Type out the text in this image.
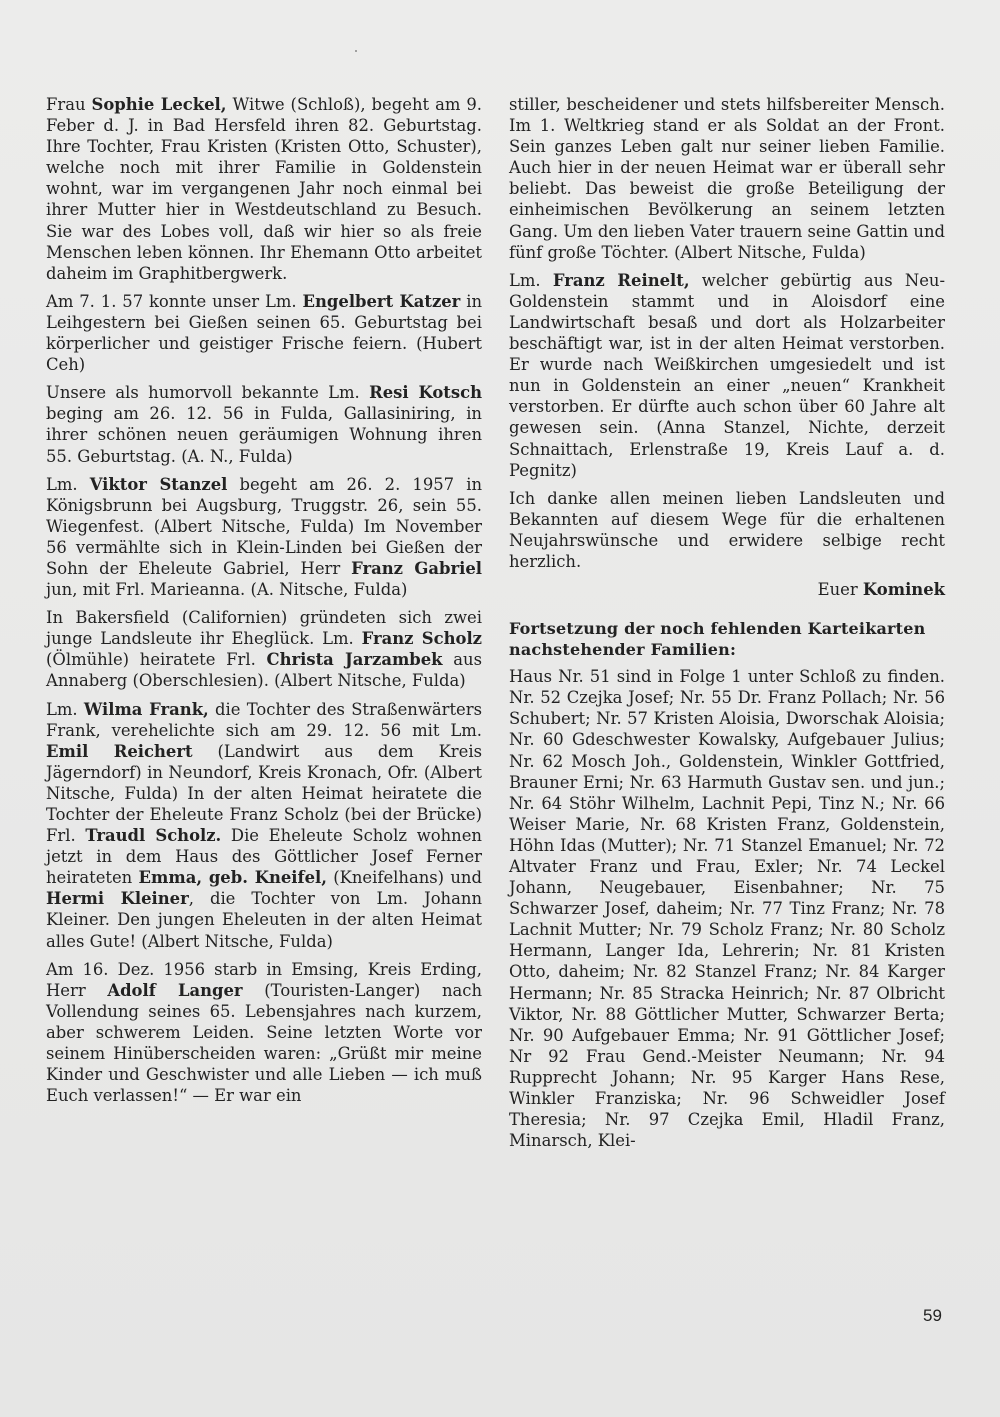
Frau Sophie Leckel, Witwe (Schloß), begeht am 9. Feber d. J. in Bad Hersfeld ihren 82. Geburtstag. Ihre Tochter, Frau Kristen (Kristen Otto, Schuster), welche noch mit ihrer Familie in Goldenstein wohnt, war im vergangenen Jahr noch einmal bei ihrer Mutter hier in Westdeutschland zu Besuch. Sie war des Lobes voll, daß wir hier so als freie Menschen leben können. Ihr Ehemann Otto arbeitet daheim im Graphitbergwerk.

Am 7. 1. 57 konnte unser Lm. Engelbert Katzer in Leihgestern bei Gießen seinen 65. Geburtstag bei körperlicher und geistiger Frische feiern. (Hubert Ceh)

Unsere als humorvoll bekannte Lm. Resi Kotsch beging am 26. 12. 56 in Fulda, Gallasiniring, in ihrer schönen neuen geräumigen Wohnung ihren 55. Geburtstag. (A. N., Fulda)

Lm. Viktor Stanzel begeht am 26. 2. 1957 in Königsbrunn bei Augsburg, Truggstr. 26, sein 55. Wiegenfest. (Albert Nitsche, Fulda) Im November 56 vermählte sich in Klein-Linden bei Gießen der Sohn der Eheleute Gabriel, Herr Franz Gabriel jun, mit Frl. Marieanna. (A. Nitsche, Fulda)

In Bakersfield (Californien) gründeten sich zwei junge Landsleute ihr Eheglück. Lm. Franz Scholz (Ölmühle) heiratete Frl. Christa Jarzambek aus Annaberg (Oberschlesien). (Albert Nitsche, Fulda)

Lm. Wilma Frank, die Tochter des Straßenwärters Frank, verehelichte sich am 29. 12. 56 mit Lm. Emil Reichert (Landwirt aus dem Kreis Jägerndorf) in Neundorf, Kreis Kronach, Ofr. (Albert Nitsche, Fulda) In der alten Heimat heiratete die Tochter der Eheleute Franz Scholz (bei der Brücke) Frl. Traudl Scholz. Die Eheleute Scholz wohnen jetzt in dem Haus des Göttlicher Josef Ferner heirateten Emma, geb. Kneifel, (Kneifelhans) und Hermi Kleiner, die Tochter von Lm. Johann Kleiner. Den jungen Eheleuten in der alten Heimat alles Gute! (Albert Nitsche, Fulda)

Am 16. Dez. 1956 starb in Emsing, Kreis Erding, Herr Adolf Langer (Touristen-Langer) nach Vollendung seines 65. Lebensjahres nach kurzem, aber schwerem Leiden. Seine letzten Worte vor seinem Hinüberscheiden waren: „Grüßt mir meine Kinder und Geschwister und alle Lieben — ich muß Euch verlassen!“ — Er war ein

stiller, bescheidener und stets hilfsbereiter Mensch. Im 1. Weltkrieg stand er als Soldat an der Front. Sein ganzes Leben galt nur seiner lieben Familie. Auch hier in der neuen Heimat war er überall sehr beliebt. Das beweist die große Beteiligung der einheimischen Bevölkerung an seinem letzten Gang. Um den lieben Vater trauern seine Gattin und fünf große Töchter. (Albert Nitsche, Fulda)

Lm. Franz Reinelt, welcher gebürtig aus Neu-Goldenstein stammt und in Aloisdorf eine Landwirtschaft besaß und dort als Holzarbeiter beschäftigt war, ist in der alten Heimat verstorben. Er wurde nach Weißkirchen umgesiedelt und ist nun in Goldenstein an einer „neuen“ Krankheit verstorben. Er dürfte auch schon über 60 Jahre alt gewesen sein. (Anna Stanzel, Nichte, derzeit Schnaittach, Erlenstraße 19, Kreis Lauf a. d. Pegnitz)

Ich danke allen meinen lieben Landsleuten und Bekannten auf diesem Wege für die erhaltenen Neujahrswünsche und erwidere selbige recht herzlich.

Euer Kominek

Fortsetzung der noch fehlenden Karteikarten nachstehender Familien:

Haus Nr. 51 sind in Folge 1 unter Schloß zu finden. Nr. 52 Czejka Josef; Nr. 55 Dr. Franz Pollach; Nr. 56 Schubert; Nr. 57 Kristen Aloisia, Dworschak Aloisia; Nr. 60 Gdeschwester Kowalsky, Aufgebauer Julius; Nr. 62 Mosch Joh., Goldenstein, Winkler Gottfried, Brauner Erni; Nr. 63 Harmuth Gustav sen. und jun.; Nr. 64 Stöhr Wilhelm, Lachnit Pepi, Tinz N.; Nr. 66 Weiser Marie, Nr. 68 Kristen Franz, Goldenstein, Höhn Idas (Mutter); Nr. 71 Stanzel Emanuel; Nr. 72 Altvater Franz und Frau, Exler; Nr. 74 Leckel Johann, Neugebauer, Eisenbahner; Nr. 75 Schwarzer Josef, daheim; Nr. 77 Tinz Franz; Nr. 78 Lachnit Mutter; Nr. 79 Scholz Franz; Nr. 80 Scholz Hermann, Langer Ida, Lehrerin; Nr. 81 Kristen Otto, daheim; Nr. 82 Stanzel Franz; Nr. 84 Karger Hermann; Nr. 85 Stracka Heinrich; Nr. 87 Olbricht Viktor, Nr. 88 Göttlicher Mutter, Schwarzer Berta; Nr. 90 Aufgebauer Emma; Nr. 91 Göttlicher Josef; Nr 92 Frau Gend.-Meister Neumann; Nr. 94 Rupprecht Johann; Nr. 95 Karger Hans Rese, Winkler Franziska; Nr. 96 Schweidler Josef Theresia; Nr. 97 Czejka Emil, Hladil Franz, Minarsch, Klei-

59
